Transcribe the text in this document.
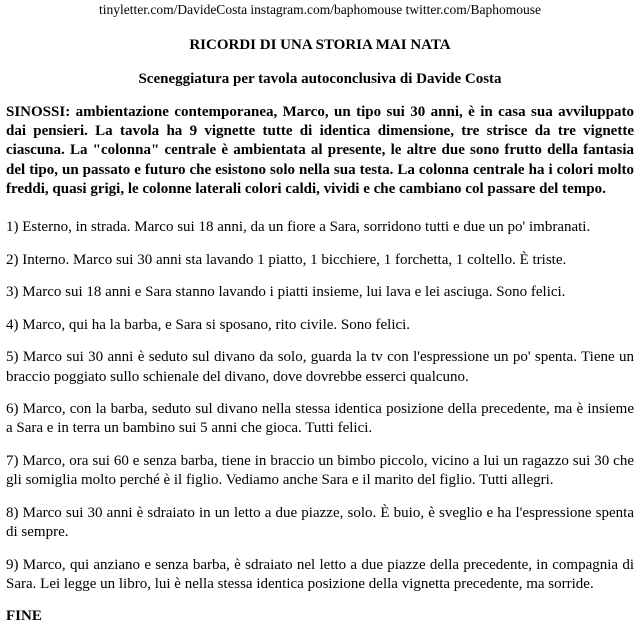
tinyletter.com/DavideCosta instagram.com/baphomouse twitter.com/Baphomouse
RICORDI DI UNA STORIA MAI NATA
Sceneggiatura per tavola autoconclusiva di Davide Costa
SINOSSI: ambientazione contemporanea, Marco, un tipo sui 30 anni, è in casa sua avviluppato dai pensieri. La tavola ha 9 vignette tutte di identica dimensione, tre strisce da tre vignette ciascuna. La "colonna" centrale è ambientata al presente, le altre due sono frutto della fantasia del tipo, un passato e futuro che esistono solo nella sua testa. La colonna centrale ha i colori molto freddi, quasi grigi, le colonne laterali colori caldi, vividi e che cambiano col passare del tempo.
1) Esterno, in strada. Marco sui 18 anni, da un fiore a Sara, sorridono tutti e due un po' imbranati.
2) Interno. Marco sui 30 anni sta lavando 1 piatto, 1 bicchiere, 1 forchetta, 1 coltello. È triste.
3) Marco sui 18 anni e Sara stanno lavando i piatti insieme, lui lava e lei asciuga. Sono felici.
4) Marco, qui ha la barba, e Sara si sposano, rito civile. Sono felici.
5) Marco sui 30 anni è seduto sul divano da solo, guarda la tv con l'espressione un po' spenta. Tiene un braccio poggiato sullo schienale del divano, dove dovrebbe esserci qualcuno.
6) Marco, con la barba, seduto sul divano nella stessa identica posizione della precedente, ma è insieme a Sara e in terra un bambino sui 5 anni che gioca. Tutti felici.
7) Marco, ora sui 60 e senza barba, tiene in braccio un bimbo piccolo, vicino a lui un ragazzo sui 30 che gli somiglia molto perché è il figlio. Vediamo anche Sara e il marito del figlio. Tutti allegri.
8) Marco sui 30 anni è sdraiato in un letto a due piazze, solo. È buio, è sveglio e ha l'espressione spenta di sempre.
9) Marco, qui anziano e senza barba, è sdraiato nel letto a due piazze della precedente, in compagnia di Sara. Lei legge un libro, lui è nella stessa identica posizione della vignetta precedente, ma sorride.
FINE
